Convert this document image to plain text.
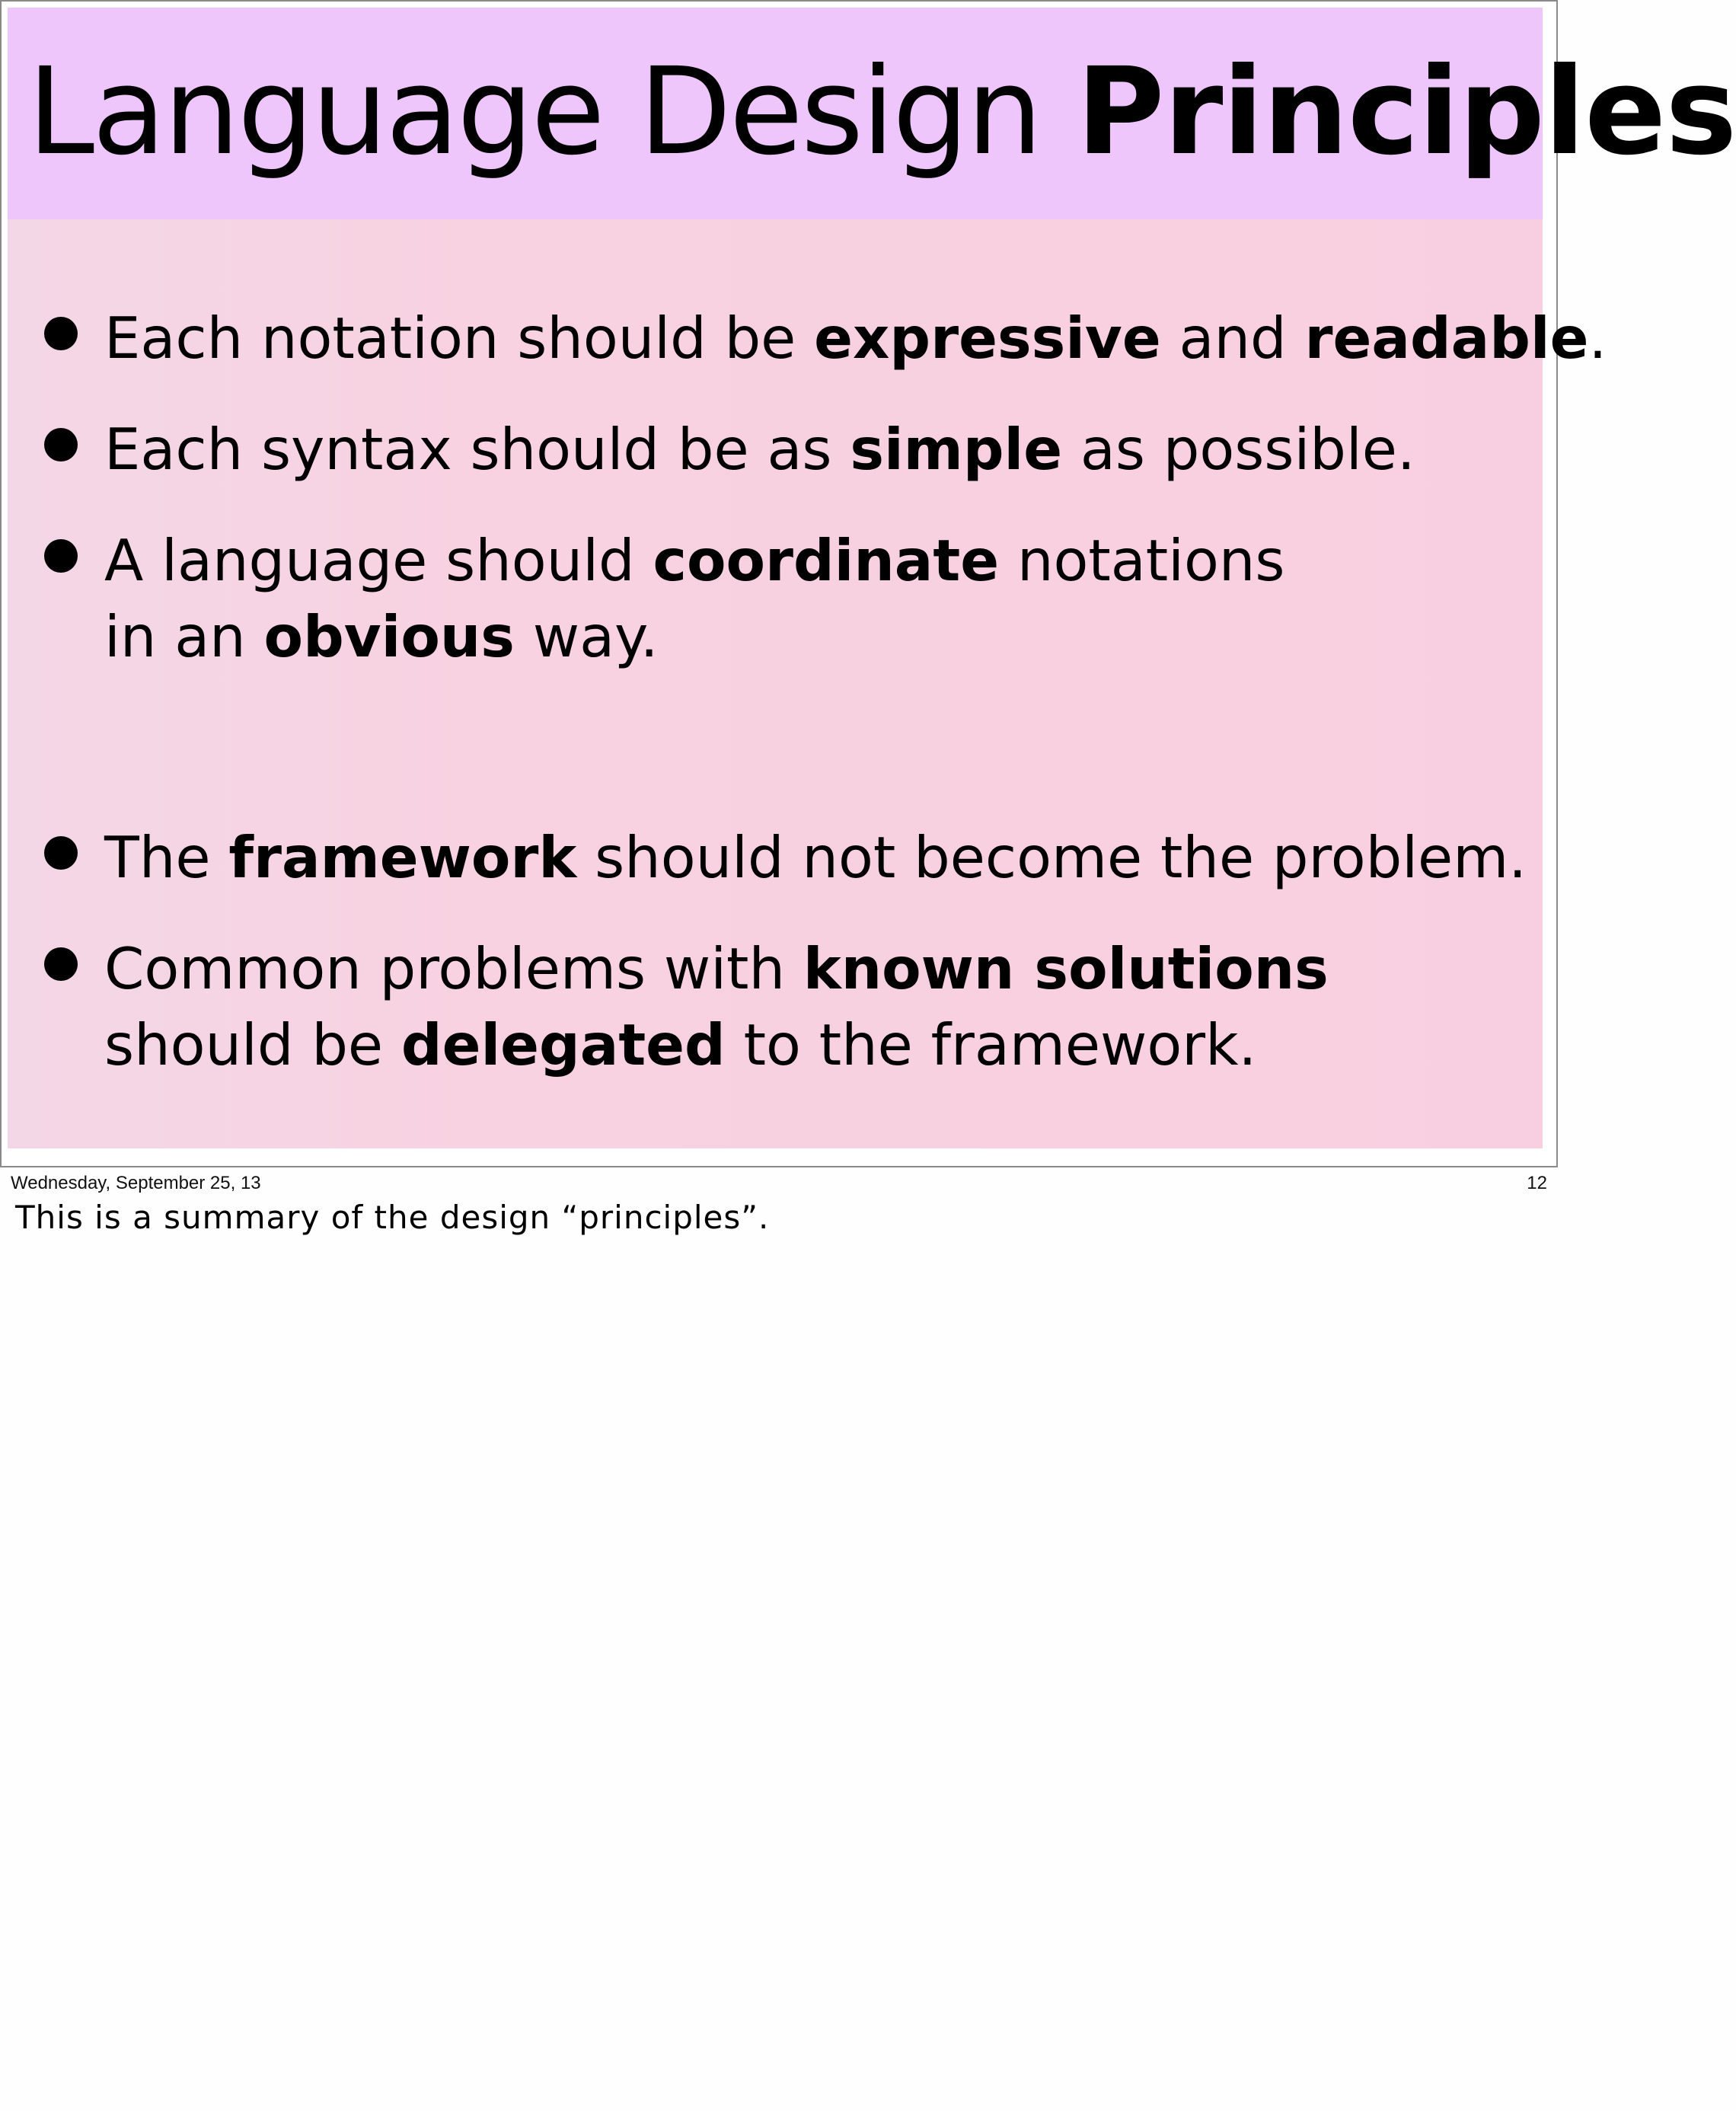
Language Design Principles
Each notation should be expressive and readable.
Each syntax should be as simple as possible.
A language should coordinate notations
in an obvious way.
The framework should not become the problem.
Common problems with known solutions
should be delegated to the framework.
Wednesday, September 25, 13	12
This is a summary of the design “principles”.
